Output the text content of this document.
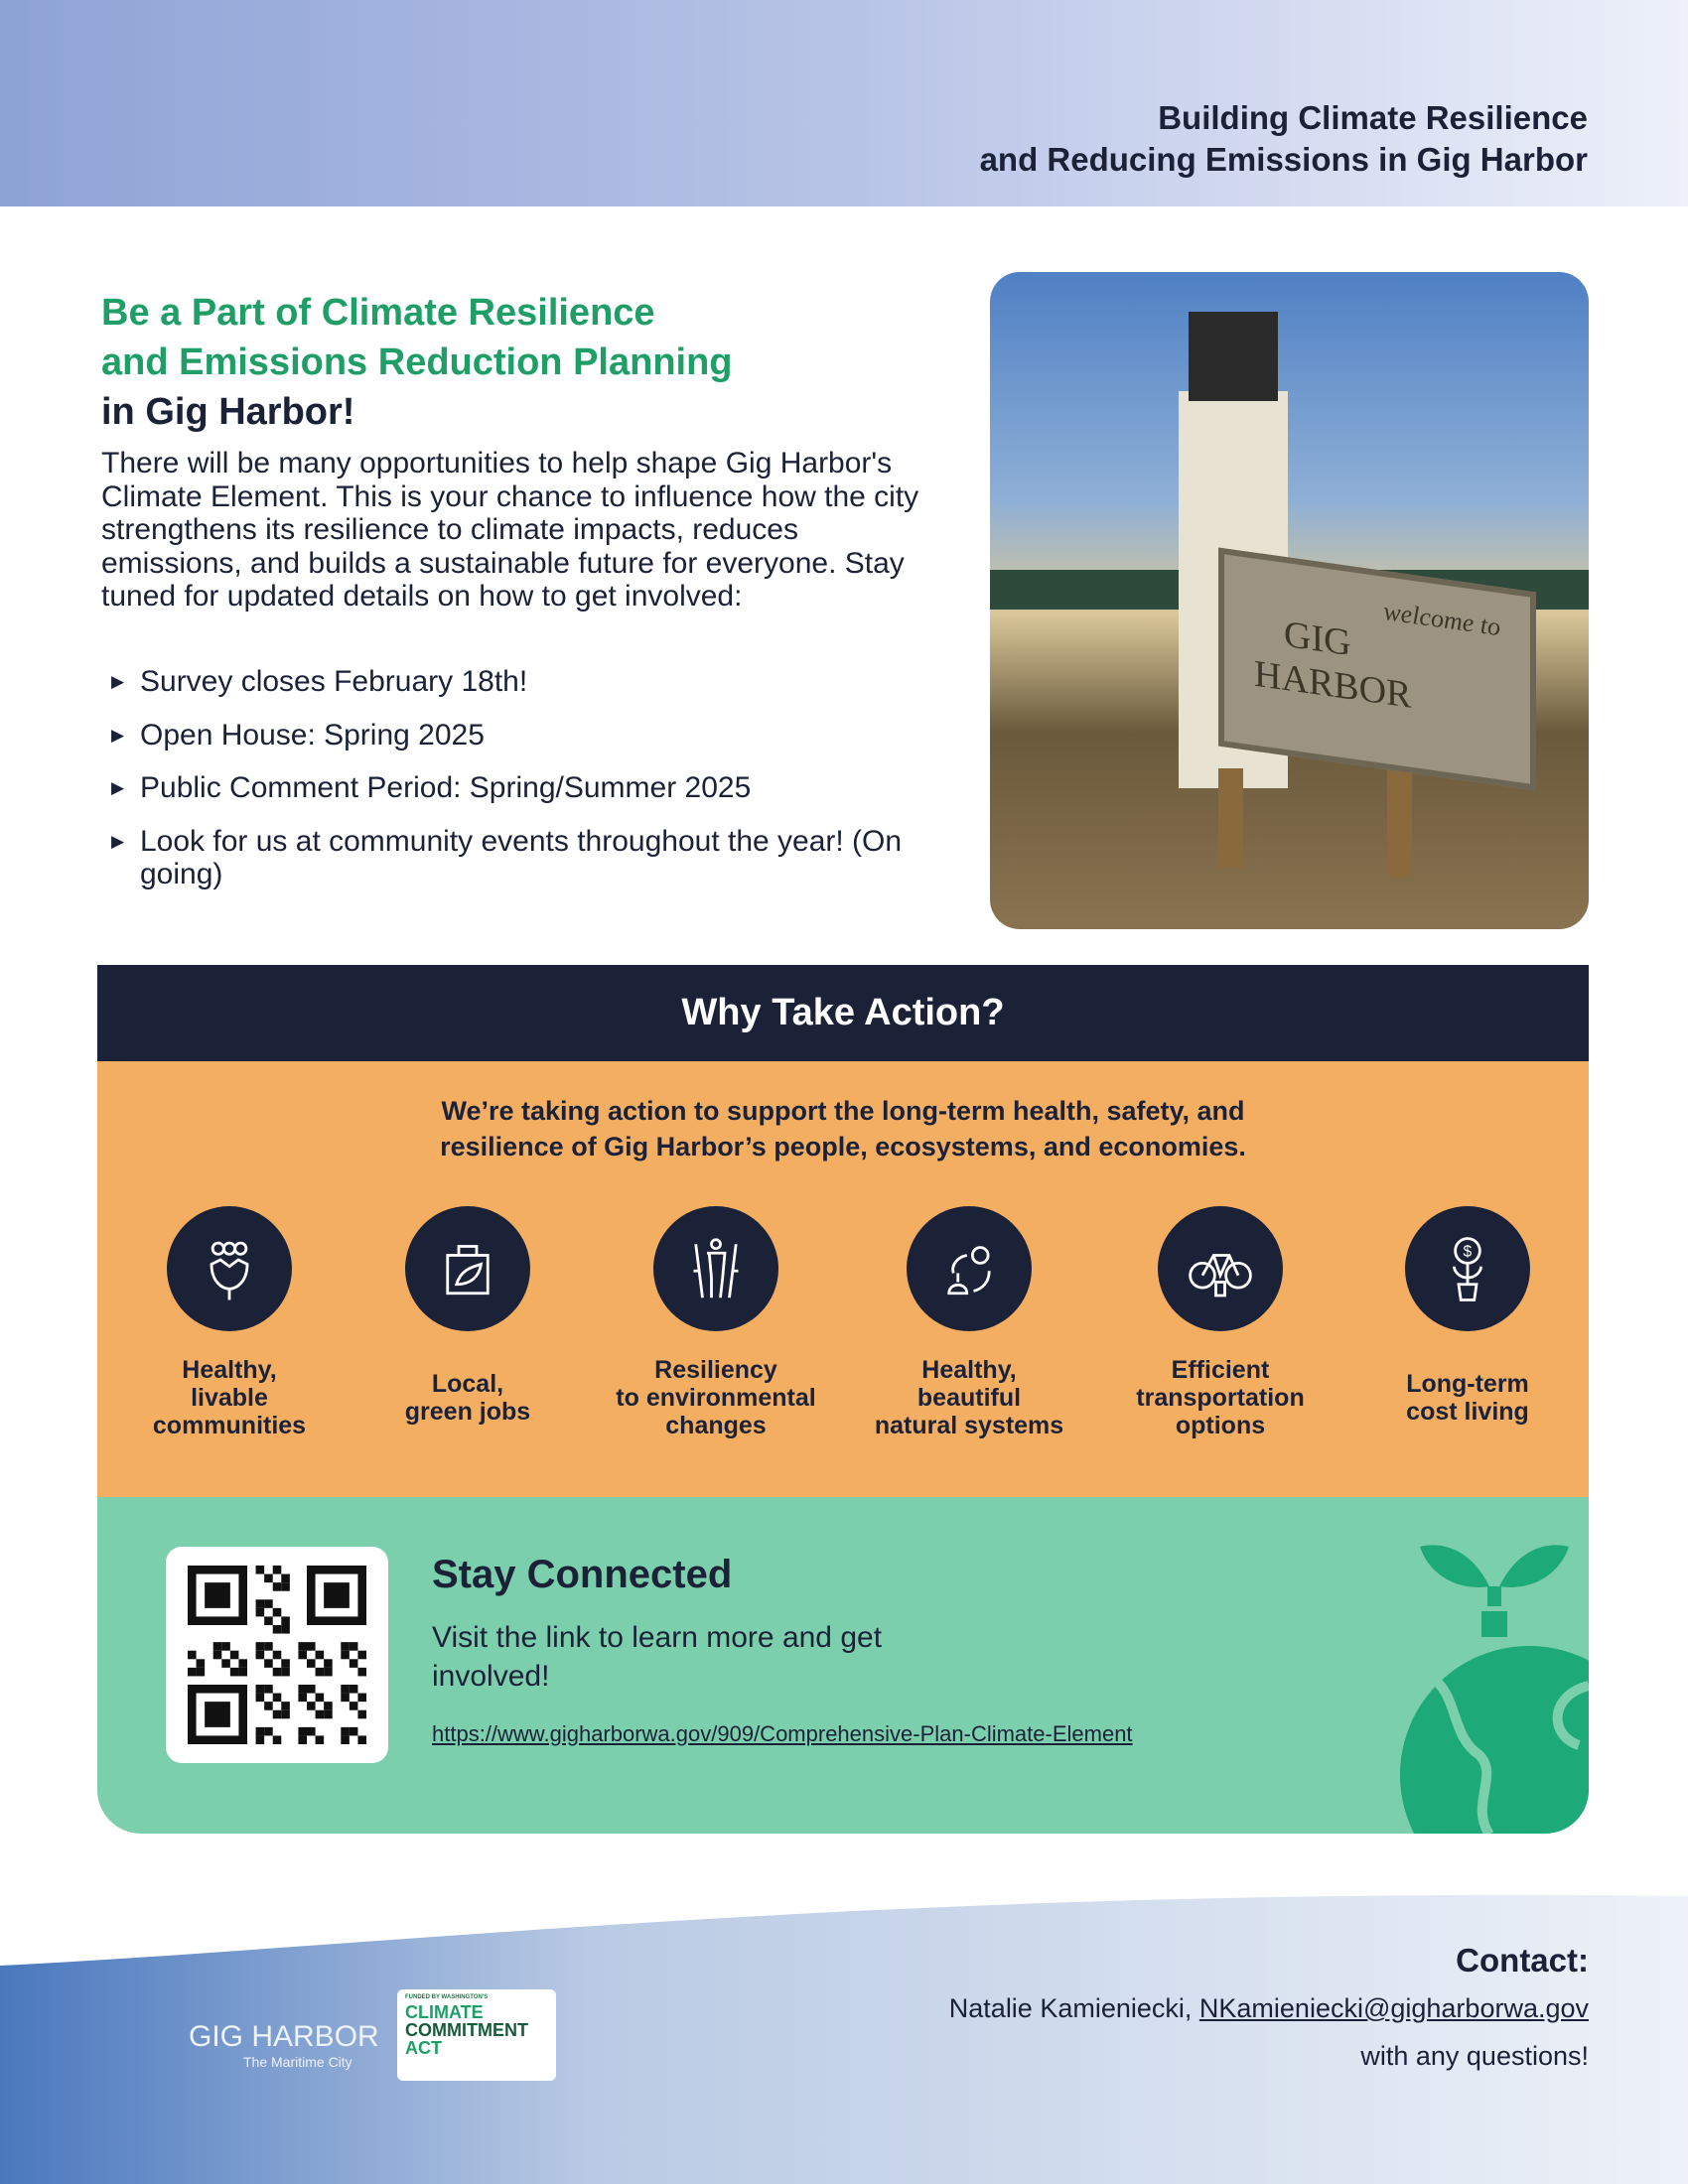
Building Climate Resilience
and Reducing Emissions in Gig Harbor
Be a Part of Climate Resilience
and Emissions Reduction Planning
in Gig Harbor!
There will be many opportunities to help shape Gig Harbor's Climate Element. This is your chance to influence how the city strengthens its resilience to climate impacts, reduces emissions, and builds a sustainable future for everyone. Stay tuned for updated details on how to get involved:
▶ Survey closes February 18th!
▶ Open House: Spring 2025
▶ Public Comment Period: Spring/Summer 2025
▶ Look for us at community events throughout the year! (On going)
welcome to
GIG
HARBOR
Why Take Action?
We’re taking action to support the long-term health, safety, and resilience of Gig Harbor’s people, ecosystems, and economies.
Healthy,
livable
communities
Local,
green jobs
Resiliency
to environmental
changes
Healthy,
beautiful
natural systems
Efficient
transportation
options
$
Long-term
cost living
Stay Connected
Visit the link to learn more and get involved!
https://www.gigharborwa.gov/909/Comprehensive-Plan-Climate-Element
GIG HARBOR
The Maritime City
FUNDED BY WASHINGTON'S
CLIMATE
COMMITMENT
ACT
Contact:
Natalie Kamieniecki, NKamieniecki@gigharborwa.gov
with any questions!
